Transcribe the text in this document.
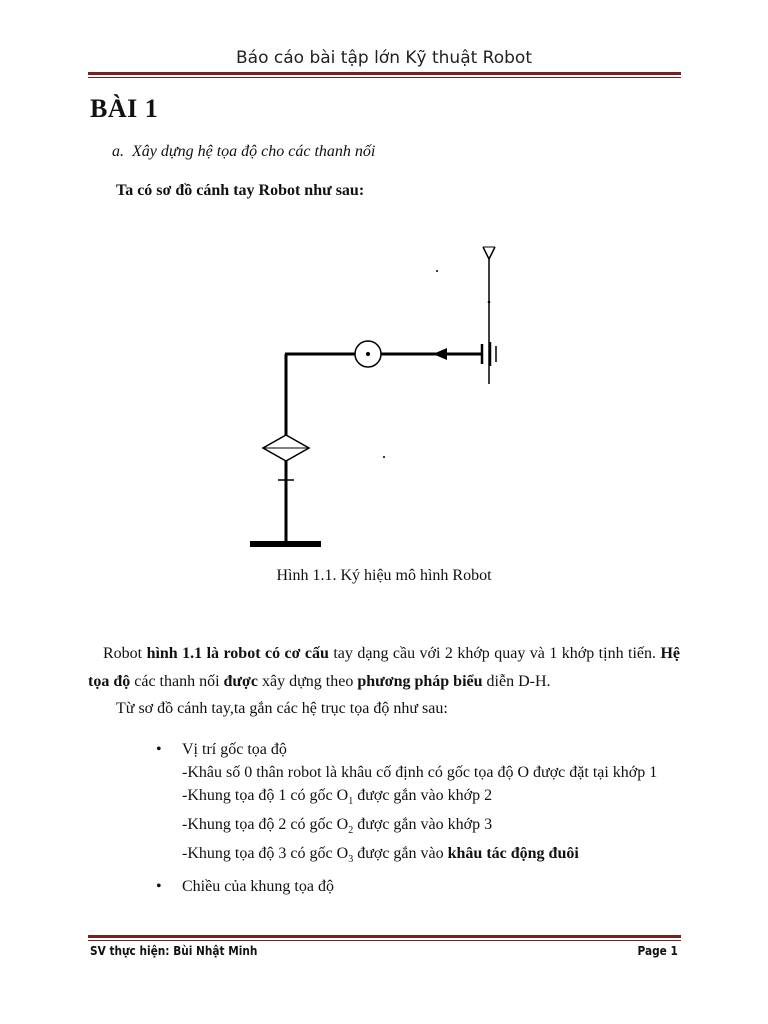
Báo cáo bài tập lớn Kỹ thuật Robot
BÀI 1
a. Xây dựng hệ tọa độ cho các thanh nối
Ta có sơ đồ cánh tay Robot như sau:
Hình 1.1. Ký hiệu mô hình Robot
Robot hình 1.1 là robot có cơ cấu tay dạng cầu với 2 khớp quay và 1 khớp tịnh tiến. Hệ tọa độ các thanh nối được xây dựng theo phương pháp biểu diễn D-H.
Từ sơ đồ cánh tay,ta gắn các hệ trục tọa độ như sau:
• Vị trí gốc tọa độ
-Khâu số 0 thân robot là khâu cố định có gốc tọa độ O được đặt tại khớp 1
-Khung tọa độ 1 có gốc $O_1$ được gắn vào khớp 2
-Khung tọa độ 2 có gốc $O_2$ được gắn vào khớp 3
-Khung tọa độ 3 có gốc $O_3$ được gắn vào khâu tác động đuôi
• Chiều của khung tọa độ
SV thực hiện: Bùi Nhật Minh	Page 1
